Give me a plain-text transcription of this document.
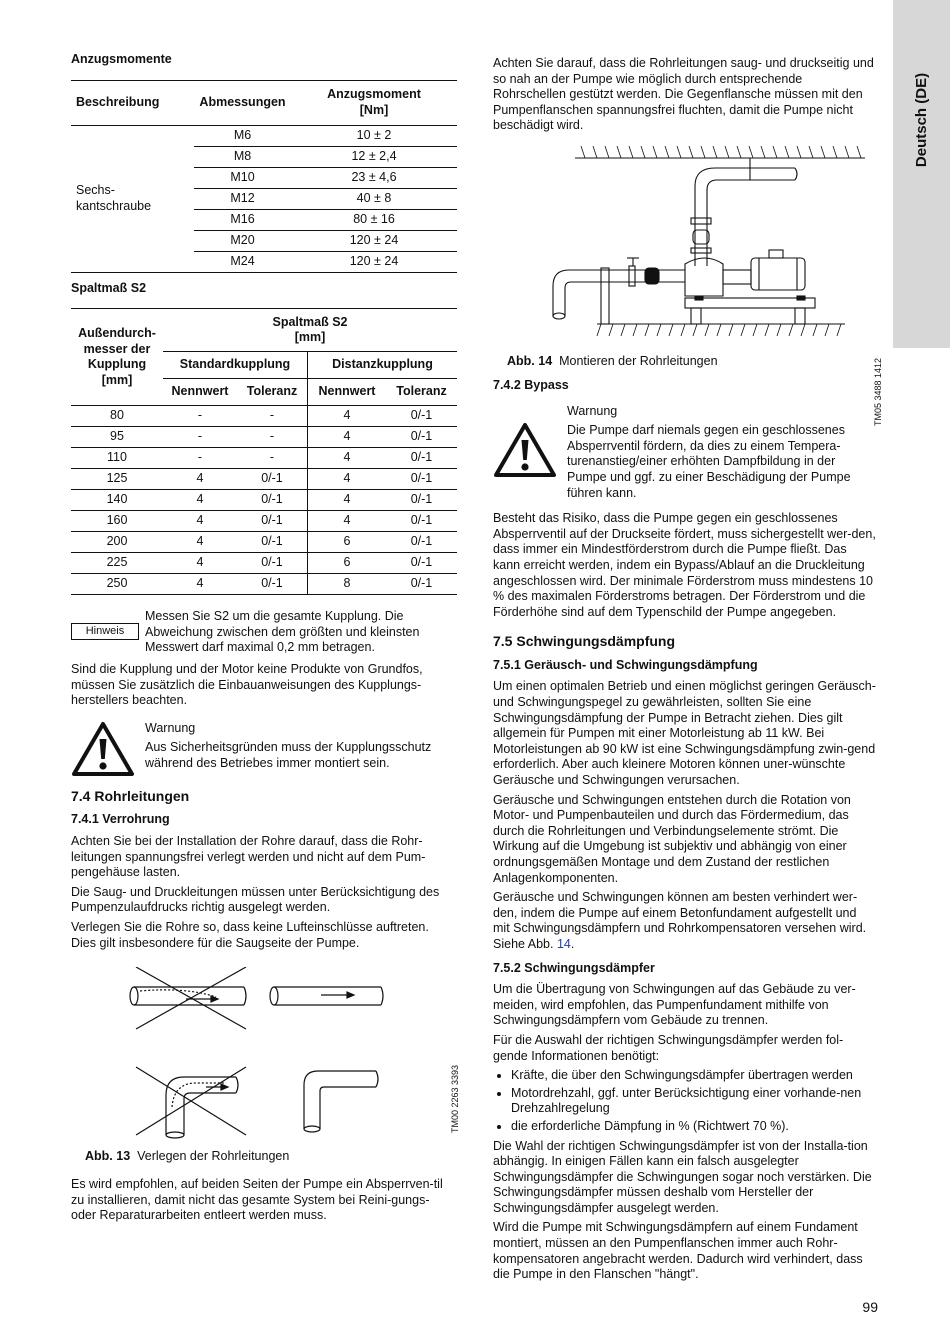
Deutsch (DE)
Anzugsmomente
Beschreibung	Abmessungen	Anzugsmoment
[Nm]
Sechs-
kantschraube	M6	10 ± 2
	M8	12 ± 2,4
	M10	23 ± 4,6
	M12	40 ± 8
	M16	80 ± 16
	M20	120 ± 24
	M24	120 ± 24
Spaltmaß S2
Außendurch-
messer der
Kupplung
[mm]	Spaltmaß S2
[mm]			
	Standardkupplung		Distanzkupplung	
	Nennwert	Toleranz	Nennwert	Toleranz
80	-	-	4	0/-1
95	-	-	4	0/-1
110	-	-	4	0/-1
125	4	0/-1	4	0/-1
140	4	0/-1	4	0/-1
160	4	0/-1	4	0/-1
200	4	0/-1	6	0/-1
225	4	0/-1	6	0/-1
250	4	0/-1	8	0/-1
Hinweis

Messen Sie S2 um die gesamte Kupplung. Die Abweichung zwischen dem größten und kleinsten Messwert darf maximal 0,2 mm betragen.

Sind die Kupplung und der Motor keine Produkte von Grundfos, müssen Sie zusätzlich die Einbauanweisungen des Kupplungs-herstellers beachten.

Warnung

Aus Sicherheitsgründen muss der Kupplungsschutz während des Betriebes immer montiert sein.

7.4 Rohrleitungen
7.4.1 Verrohrung

Achten Sie bei der Installation der Rohre darauf, dass die Rohr-leitungen spannungsfrei verlegt werden und nicht auf dem Pum-pengehäuse lasten.

Die Saug- und Druckleitungen müssen unter Berücksichtigung des Pumpenzulaufdrucks richtig ausgelegt werden.

Verlegen Sie die Rohre so, dass keine Lufteinschlüsse auftreten. Dies gilt insbesondere für die Saugseite der Pumpe.

TM00 2263 3393
Abb. 13 Verlegen der Rohrleitungen

Es wird empfohlen, auf beiden Seiten der Pumpe ein Absperrven-til zu installieren, damit nicht das gesamte System bei Reini-gungs- oder Reparaturarbeiten entleert werden muss.

Achten Sie darauf, dass die Rohrleitungen saug- und druckseitig und so nah an der Pumpe wie möglich durch entsprechende Rohrschellen gestützt werden. Die Gegenflansche müssen mit den Pumpenflanschen spannungsfrei fluchten, damit die Pumpe nicht beschädigt wird.

TM05 3488 1412
Abb. 14 Montieren der Rohrleitungen
7.4.2 Bypass

Warnung

Die Pumpe darf niemals gegen ein geschlossenes Absperrventil fördern, da dies zu einem Tempera-turenanstieg/einer erhöhten Dampfbildung in der Pumpe und ggf. zu einer Beschädigung der Pumpe führen kann.

Besteht das Risiko, dass die Pumpe gegen ein geschlossenes Absperrventil auf der Druckseite fördert, muss sichergestellt wer-den, dass immer ein Mindestförderstrom durch die Pumpe fließt. Das kann erreicht werden, indem ein Bypass/Ablauf an die Druckleitung angeschlossen wird. Der minimale Förderstrom muss mindestens 10 % des maximalen Förderstroms betragen. Der Förderstrom und die Förderhöhe sind auf dem Typenschild der Pumpe angegeben.

7.5 Schwingungsdämpfung
7.5.1 Geräusch- und Schwingungsdämpfung

Um einen optimalen Betrieb und einen möglichst geringen Geräusch- und Schwingungspegel zu gewährleisten, sollten Sie eine Schwingungsdämpfung der Pumpe in Betracht ziehen. Dies gilt allgemein für Pumpen mit einer Motorleistung ab 11 kW. Bei Motorleistungen ab 90 kW ist eine Schwingungsdämpfung zwin-gend erforderlich. Aber auch kleinere Motoren können uner-wünschte Geräusche und Schwingungen verursachen.

Geräusche und Schwingungen entstehen durch die Rotation von Motor- und Pumpenbauteilen und durch das Fördermedium, das durch die Rohrleitungen und Verbindungselemente strömt. Die Wirkung auf die Umgebung ist subjektiv und abhängig von einer ordnungsgemäßen Montage und dem Zustand der restlichen Anlagenkomponenten.

Geräusche und Schwingungen können am besten verhindert wer-den, indem die Pumpe auf einem Betonfundament aufgestellt und mit Schwingungsdämpfern und Rohrkompensatoren versehen wird. Siehe Abb. 14.

7.5.2 Schwingungsdämpfer

Um die Übertragung von Schwingungen auf das Gebäude zu ver-meiden, wird empfohlen, das Pumpenfundament mithilfe von Schwingungsdämpfern vom Gebäude zu trennen.

Für die Auswahl der richtigen Schwingungsdämpfer werden fol-gende Informationen benötigt:

• Kräfte, die über den Schwingungsdämpfer übertragen werden
• Motordrehzahl, ggf. unter Berücksichtigung einer vorhande-nen Drehzahlregelung
• die erforderliche Dämpfung in % (Richtwert 70 %).

Die Wahl der richtigen Schwingungsdämpfer ist von der Installa-tion abhängig. In einigen Fällen kann ein falsch ausgelegter Schwingungsdämpfer die Schwingungen sogar noch verstärken. Die Schwingungsdämpfer müssen deshalb vom Hersteller der Schwingungsdämpfer ausgelegt werden.

Wird die Pumpe mit Schwingungsdämpfern auf einem Fundament montiert, müssen an den Pumpenflanschen immer auch Rohr-kompensatoren angebracht werden. Dadurch wird verhindert, dass die Pumpe in den Flanschen "hängt".

99
